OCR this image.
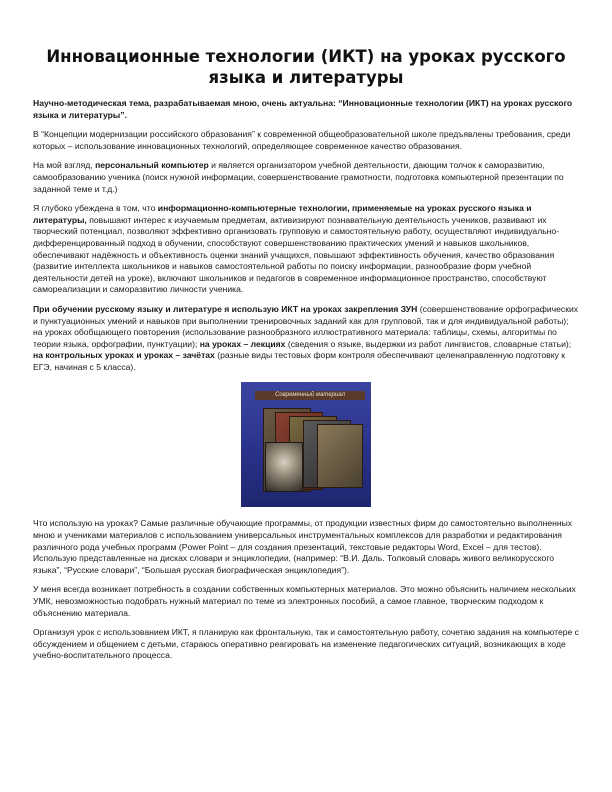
Инновационные технологии (ИКТ) на уроках русского языка и литературы

Научно-методическая тема, разрабатываемая мною, очень актуальна: “Инновационные технологии (ИКТ) на уроках русского языка и литературы”.

В “Концепции модернизации российского образования” к современной общеобразовательной школе предъявлены требования, среди которых – использование инновационных технологий, определяющее современное качество образования.

На мой взгляд, персональный компьютер и является организатором учебной деятельности, дающим толчок к саморазвитию, самообразованию ученика (поиск нужной информации, совершенствование грамотности, подготовка компьютерной презентации по заданной теме и т.д.)

Я глубоко убеждена в том, что информационно-компьютерные технологии, применяемые на уроках русского языка и литературы, повышают интерес к изучаемым предметам, активизируют познавательную деятельность учеников, развивают их творческий потенциал, позволяют эффективно организовать групповую и самостоятельную работу, осуществляют индивидуально-дифференцированный подход в обучении, способствуют совершенствованию практических умений и навыков школьников, обеспечивают надёжность и объективность оценки знаний учащихся, повышают эффективность обучения, качество образования (развитие интеллекта школьников и навыков самостоятельной работы по поиску информации, разнообразие форм учебной деятельности детей на уроке), включают школьников и педагогов в современное информационное пространство, способствуют самореализации и саморазвитию личности ученика.

При обучении русскому языку и литературе я использую ИКТ на уроках закрепления ЗУН (совершенствование орфографических и пунктуационных умений и навыков при выполнении тренировочных заданий как для групповой, так и для индивидуальной работы); на уроках обобщающего повторения (использование разнообразного иллюстративного материала: таблицы, схемы, алгоритмы по теории языка, орфографии, пунктуации); на уроках – лекциях (сведения о языке, выдержки из работ лингвистов, словарные статьи); на контрольных уроках и уроках – зачётах (разные виды тестовых форм контроля обеспечивают целенаправленную подготовку к ЕГЭ, начиная с 5 класса).

Современный материал

Что использую на уроках? Самые различные обучающие программы, от продукции известных фирм до самостоятельно выполненных мною и учениками материалов с использованием универсальных инструментальных комплексов для разработки и редактирования различного рода учебных программ (Power Point – для создания презентаций, текстовые редакторы Word, Excel – для тестов). Использую представленные на дисках словари и энциклопедии, (например: “В.И. Даль. Толковый словарь живого великорусского языка”, “Русские словари”, “Большая русская биографическая энциклопедия”).

У меня всегда возникает потребность в создании собственных компьютерных материалов. Это можно объяснить наличием нескольких УМК, невозможностью подобрать нужный материал по теме из электронных пособий, а самое главное, творческим подходом к объяснению материала.

Организуя урок с использованием ИКТ, я планирую как фронтальную, так и самостоятельную работу, сочетаю задания на компьютере с обсуждением и общением с детьми, стараюсь оперативно реагировать на изменение педагогических ситуаций, возникающих в ходе учебно-воспитательного процесса.
